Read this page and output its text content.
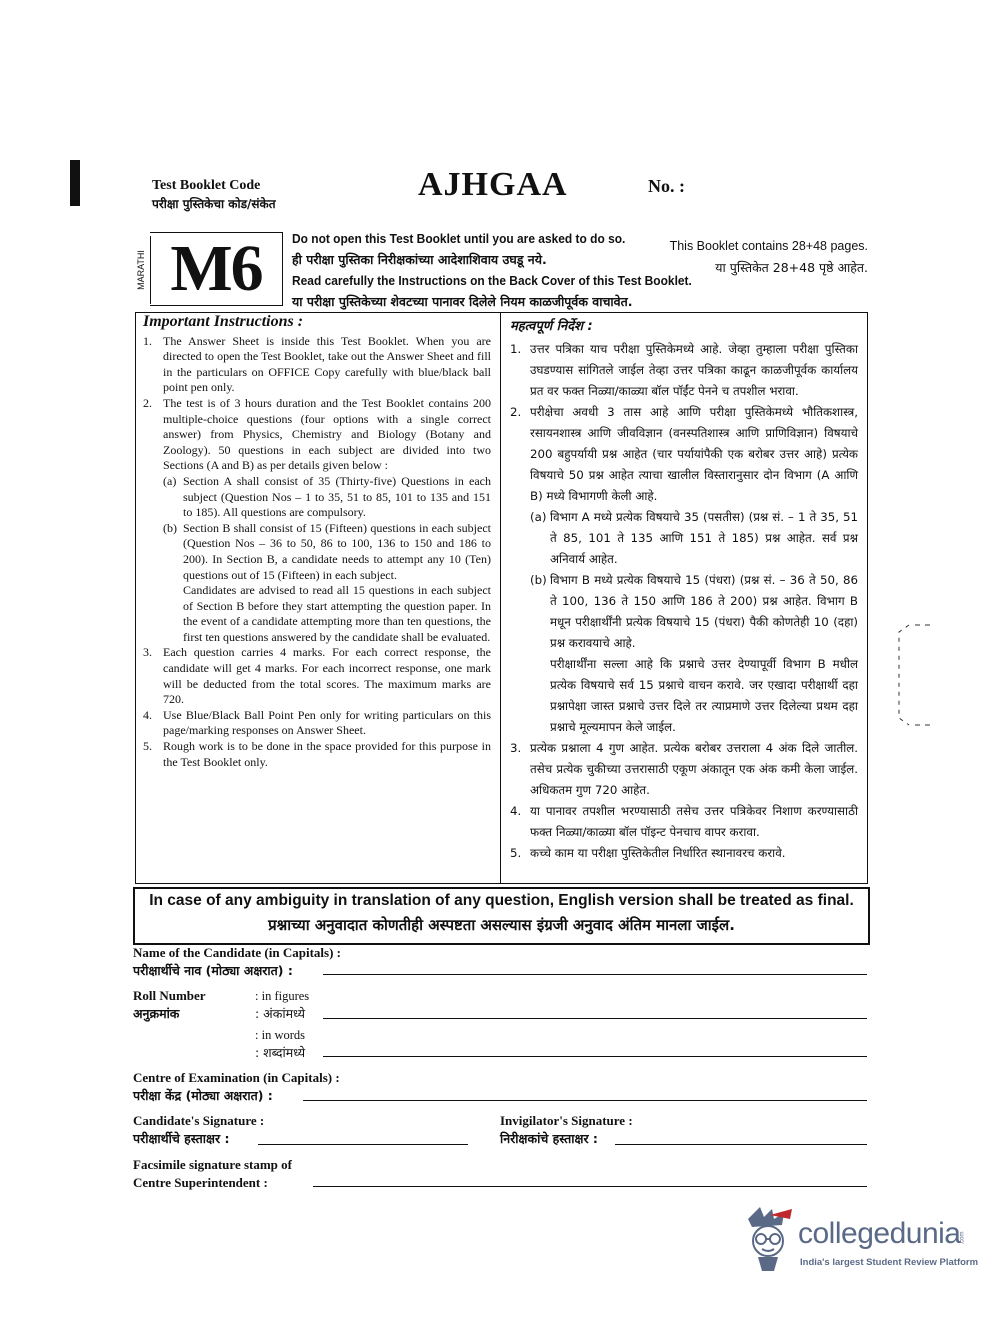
Test Booklet Code
परीक्षा पुस्तिकेचा कोड/संकेत
AJHGAA	No. :
MARATHI M6 Do not open this Test Booklet until you are asked to do so.
ही परीक्षा पुस्तिका निरीक्षकांच्या आदेशाशिवाय उघडू नये.
Read carefully the Instructions on the Back Cover of this Test Booklet.
या परीक्षा पुस्तिकेच्या शेवटच्या पानावर दिलेले नियम काळजीपूर्वक वाचावेत.
This Booklet contains 28+48 pages.
या पुस्तिकेत 28+48 पृष्ठे आहेत.
Important Instructions :
1. The Answer Sheet is inside this Test Booklet. When you are directed to open the Test Booklet, take out the Answer Sheet and fill in the particulars on OFFICE Copy carefully with blue/black ball point pen only.
2. The test is of 3 hours duration and the Test Booklet contains 200 multiple-choice questions (four options with a single correct answer) from Physics, Chemistry and Biology (Botany and Zoology). 50 questions in each subject are divided into two Sections (A and B) as per details given below :
(a) Section A shall consist of 35 (Thirty-five) Questions in each subject (Question Nos – 1 to 35, 51 to 85, 101 to 135 and 151 to 185). All questions are compulsory.
(b) Section B shall consist of 15 (Fifteen) questions in each subject (Question Nos – 36 to 50, 86 to 100, 136 to 150 and 186 to 200). In Section B, a candidate needs to attempt any 10 (Ten) questions out of 15 (Fifteen) in each subject.
Candidates are advised to read all 15 questions in each subject of Section B before they start attempting the question paper. In the event of a candidate attempting more than ten questions, the first ten questions answered by the candidate shall be evaluated.
3. Each question carries 4 marks. For each correct response, the candidate will get 4 marks. For each incorrect response, one mark will be deducted from the total scores. The maximum marks are 720.
4. Use Blue/Black Ball Point Pen only for writing particulars on this page/marking responses on Answer Sheet.
5. Rough work is to be done in the space provided for this purpose in the Test Booklet only.
महत्वपूर्ण निर्देश :
1. उत्तर पत्रिका याच परीक्षा पुस्तिकेमध्ये आहे. जेव्हा तुम्हाला परीक्षा पुस्तिका उघडण्यास सांगितले जाईल तेव्हा उत्तर पत्रिका काढून काळजीपूर्वक कार्यालय प्रत वर फक्त निळ्या/काळ्या बॉल पॉईंट पेनने च तपशील भरावा.
2. परीक्षेचा अवधी 3 तास आहे आणि परीक्षा पुस्तिकेमध्ये भौतिकशास्त्र, रसायनशास्त्र आणि जीवविज्ञान (वनस्पतिशास्त्र आणि प्राणिविज्ञान) विषयाचे 200 बहुपर्यायी प्रश्न आहेत (चार पर्यायांपैकी एक बरोबर उत्तर आहे) प्रत्येक विषयाचे 50 प्रश्न आहेत त्याचा खालील विस्तारानुसार दोन विभाग (A आणि B) मध्ये विभागणी केली आहे.
(a) विभाग A मध्ये प्रत्येक विषयाचे 35 (पसतीस) (प्रश्न सं. – 1 ते 35, 51 ते 85, 101 ते 135 आणि 151 ते 185) प्रश्न आहेत. सर्व प्रश्न अनिवार्य आहेत.
(b) विभाग B मध्ये प्रत्येक विषयाचे 15 (पंधरा) (प्रश्न सं. – 36 ते 50, 86 ते 100, 136 ते 150 आणि 186 ते 200) प्रश्न आहेत. विभाग B मधून परीक्षार्थींनी प्रत्येक विषयाचे 15 (पंधरा) पैकी कोणतेही 10 (दहा) प्रश्न करावयाचे आहे.
परीक्षार्थींना सल्ला आहे कि प्रश्नाचे उत्तर देण्यापूर्वी विभाग B मधील प्रत्येक विषयाचे सर्व 15 प्रश्नाचे वाचन करावे. जर एखादा परीक्षार्थी दहा प्रश्नापेक्षा जास्त प्रश्नाचे उत्तर दिले तर त्याप्रमाणे उत्तर दिलेल्या प्रथम दहा प्रश्नाचे मूल्यमापन केले जाईल.
3. प्रत्येक प्रश्नाला 4 गुण आहेत. प्रत्येक बरोबर उत्तराला 4 अंक दिले जातील. तसेच प्रत्येक चुकीच्या उत्तरासाठी एकूण अंकातून एक अंक कमी केला जाईल. अधिकतम गुण 720 आहेत.
4. या पानावर तपशील भरण्यासाठी तसेच उत्तर पत्रिकेवर निशाण करण्यासाठी फक्त निळ्या/काळ्या बॉल पॉइन्ट पेनचाच वापर करावा.
5. कच्चे काम या परीक्षा पुस्तिकेतील निर्धारित स्थानावरच करावे.
In case of any ambiguity in translation of any question, English version shall be treated as final.
प्रश्नाच्या अनुवादात कोणतीही अस्पष्टता असल्यास इंग्रजी अनुवाद अंतिम मानला जाईल.
Name of the Candidate (in Capitals) :
परीक्षार्थीचे नाव (मोठ्या अक्षरात) :
Roll Number
अनुक्रमांक
: in figures
: अंकांमध्ये
: in words
: शब्दांमध्ये
Centre of Examination (in Capitals) :
परीक्षा केंद्र (मोठ्या अक्षरात) :
Candidate's Signature :
परीक्षार्थीचे हस्ताक्षर :
Invigilator's Signature :
निरीक्षकांचे हस्ताक्षर :
Facsimile signature stamp of
Centre Superintendent :
collegedunia .com
India's largest Student Review Platform
